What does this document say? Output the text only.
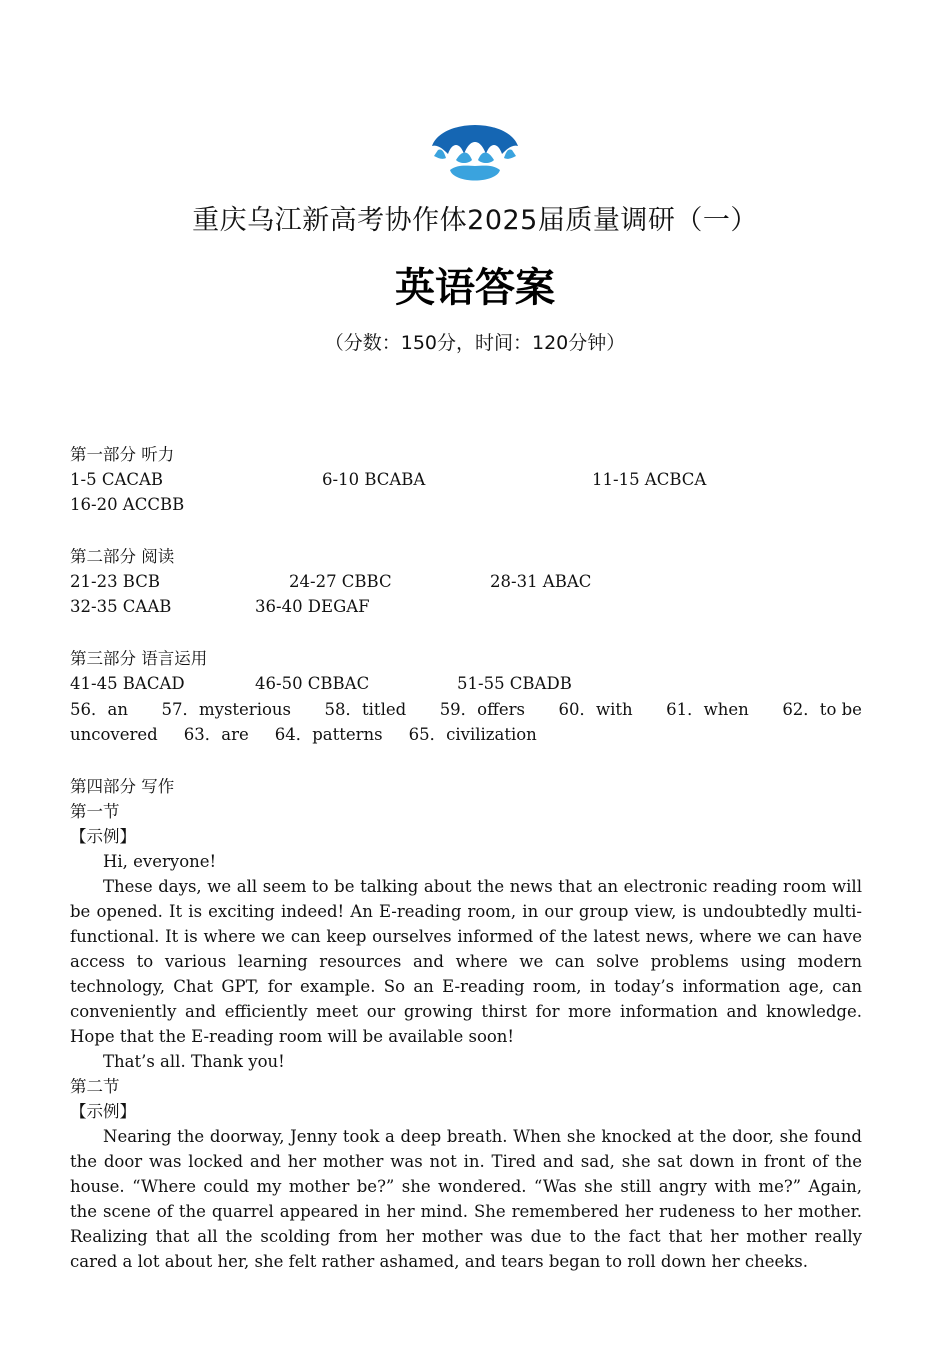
重庆乌江新高考协作体2025届质量调研（一）
英语答案
（分数：150分，时间：120分钟）
第一部分 听力
1-5 CACAB	6-10 BCABA	11-15 ACBCA
16-20 ACCBB
第二部分 阅读
21-23 BCB	24-27 CBBC	28-31 ABAC
32-35 CAAB	36-40 DEGAF
第三部分 语言运用
41-45 BACAD	46-50 CBBAC	51-55 CBADB
56．an 57．mysterious 58．titled 59．offers 60．with 61．when 62．to be
uncovered 63．are 64．patterns 65．civilization
第四部分 写作
第一节
【示例】
Hi, everyone!

These days, we all seem to be talking about the news that an electronic reading room will be opened. It is exciting indeed! An E-reading room, in our group view, is undoubtedly multi-functional. It is where we can keep ourselves informed of the latest news, where we can have access to various learning resources and where we can solve problems using modern technology, Chat GPT, for example. So an E-reading room, in today’s information age, can conveniently and efficiently meet our growing thirst for more information and knowledge. Hope that the E-reading room will be available soon!

That’s all. Thank you!
第二节
【示例】

Nearing the doorway, Jenny took a deep breath. When she knocked at the door, she found the door was locked and her mother was not in. Tired and sad, she sat down in front of the house. “Where could my mother be?” she wondered. “Was she still angry with me?” Again, the scene of the quarrel appeared in her mind. She remembered her rudeness to her mother. Realizing that all the scolding from her mother was due to the fact that her mother really cared a lot about her, she felt rather ashamed, and tears began to roll down her cheeks.
